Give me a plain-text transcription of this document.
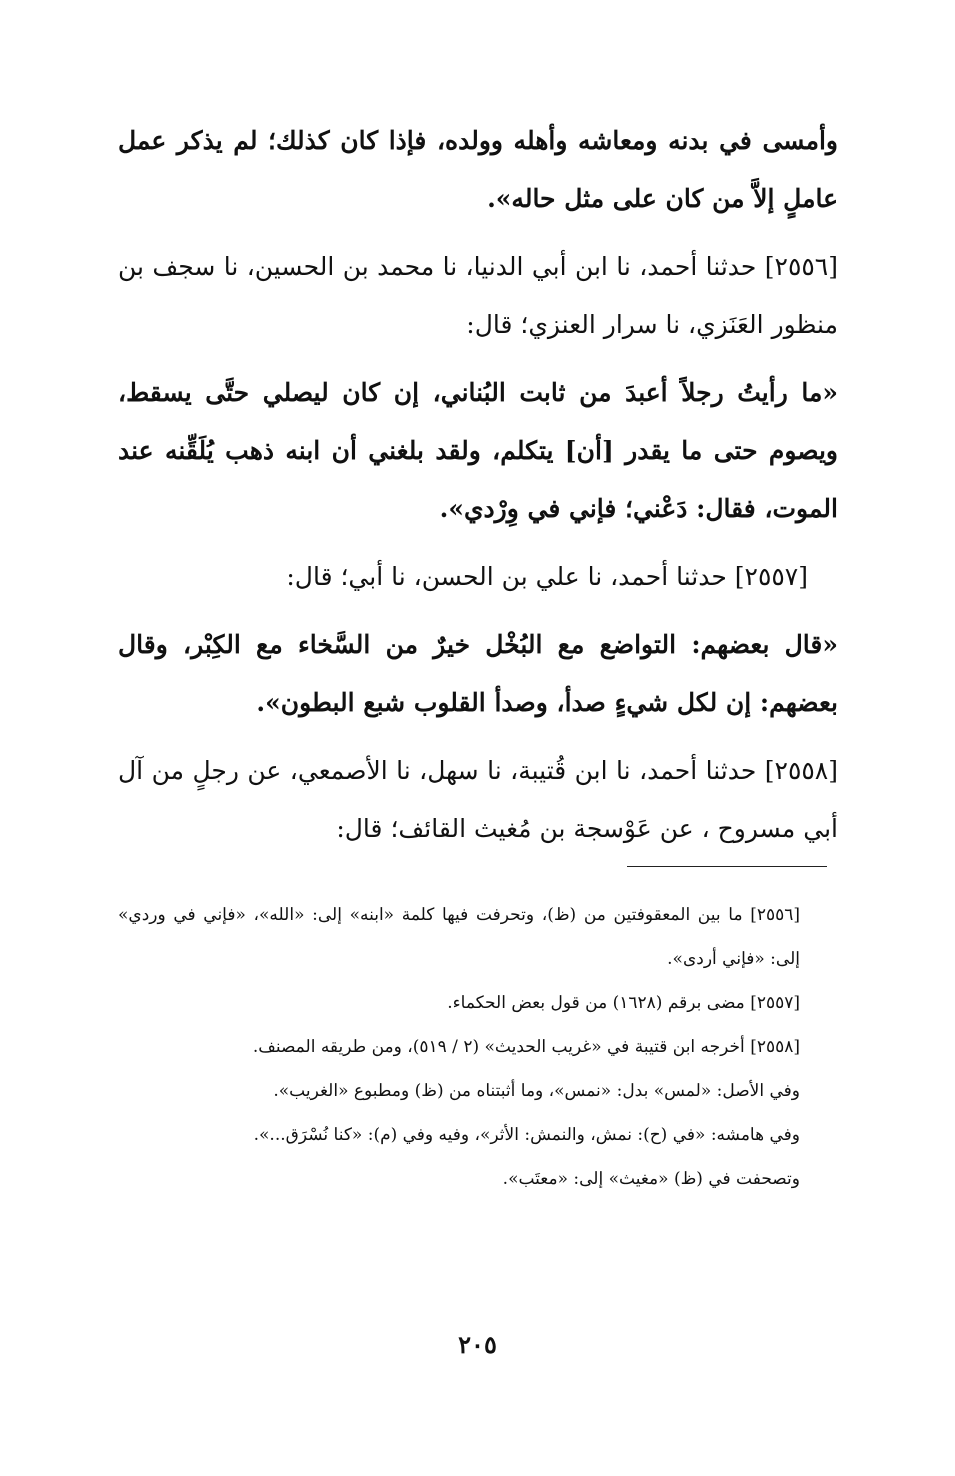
وأمسى في بدنه ومعاشه وأهله وولده، فإذا كان كذلك؛ لم يذكر عمل عاملٍ إلاَّ من كان على مثل حاله».

[٢٥٥٦] حدثنا أحمد، نا ابن أبي الدنيا، نا محمد بن الحسين، نا سجف بن منظور العَنَزي، نا سرار العنزي؛ قال:

«ما رأيتُ رجلاً أعبدَ من ثابت البُناني، إن كان ليصلي حتَّى يسقط، ويصوم حتى ما يقدر [أن] يتكلم، ولقد بلغني أن ابنه ذهب يُلَقِّنه عند الموت، فقال: دَعْني؛ فإني في وِرْدي».

[٢٥٥٧] حدثنا أحمد، نا علي بن الحسن، نا أبي؛ قال:

«قال بعضهم: التواضع مع البُخْل خيرٌ من السَّخاء مع الكِبْر، وقال بعضهم: إن لكل شيءٍ صدأ، وصدأ القلوب شبع البطون».

[٢٥٥٨] حدثنا أحمد، نا ابن قُتيبة، نا سهل، نا الأصمعي، عن رجلٍ من آل أبي مسروح ، عن عَوْسجة بن مُغيث القائف؛ قال:

[٢٥٥٦] ما بين المعقوفتين من (ظ)، وتحرفت فيها كلمة «ابنه» إلى: «الله»، «فإني في وردي» إلى: «فإني أردى».

[٢٥٥٧] مضى برقم (١٦٢٨) من قول بعض الحكماء.

[٢٥٥٨] أخرجه ابن قتيبة في «غريب الحديث» (٢ / ٥١٩)، ومن طريقه المصنف.

وفي الأصل: «لمس» بدل: «نمس»، وما أثبتناه من (ظ) ومطبوع «الغريب».

وفي هامشه: «في (ح): نمش، والنمش: الأثر»، وفيه وفي (م): «كنا نُسْرَق...».

وتصحفت في (ظ) «مغيث» إلى: «معتَب».

٢٠٥
